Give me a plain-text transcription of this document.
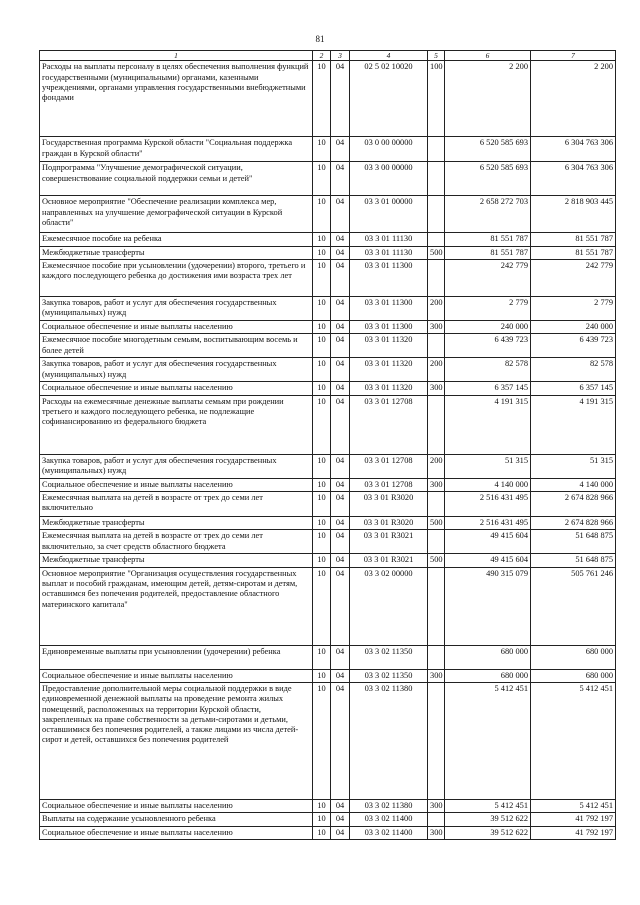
81
1	2	3	4	5	6	7
Расходы на выплаты персоналу в целях обеспечения выполнения функций государственными (муниципальными) органами, казенными учреждениями, органами управления государственными внебюджетными фондами	10	04	02 5 02 10020	100	2 200	2 200
Государственная программа Курской области "Социальная поддержка граждан в Курской области"	10	04	03 0 00 00000		6 520 585 693	6 304 763 306
Подпрограмма "Улучшение демографической ситуации, совершенствование социальной поддержки семьи и детей"	10	04	03 3 00 00000		6 520 585 693	6 304 763 306
Основное мероприятие "Обеспечение реализации комплекса мер, направленных на улучшение демографической ситуации в Курской области"	10	04	03 3 01 00000		2 658 272 703	2 818 903 445
Ежемесячное пособие на ребенка	10	04	03 3 01 11130		81 551 787	81 551 787
Межбюджетные трансферты	10	04	03 3 01 11130	500	81 551 787	81 551 787
Ежемесячное пособие при усыновлении (удочерении) второго, третьего и каждого последующего ребенка до достижения ими возраста трех лет	10	04	03 3 01 11300		242 779	242 779
Закупка товаров, работ и услуг для обеспечения государственных (муниципальных) нужд	10	04	03 3 01 11300	200	2 779	2 779
Социальное обеспечение и иные выплаты населению	10	04	03 3 01 11300	300	240 000	240 000
Ежемесячное пособие многодетным семьям, воспитывающим восемь и более детей	10	04	03 3 01 11320		6 439 723	6 439 723
Закупка товаров, работ и услуг для обеспечения государственных (муниципальных) нужд	10	04	03 3 01 11320	200	82 578	82 578
Социальное обеспечение и иные выплаты населению	10	04	03 3 01 11320	300	6 357 145	6 357 145
Расходы на ежемесячные денежные выплаты семьям при рождении третьего и каждого последующего ребенка, не подлежащие софинансированию из федерального бюджета	10	04	03 3 01 12708		4 191 315	4 191 315
Закупка товаров, работ и услуг для обеспечения государственных (муниципальных) нужд	10	04	03 3 01 12708	200	51 315	51 315
Социальное обеспечение и иные выплаты населению	10	04	03 3 01 12708	300	4 140 000	4 140 000
Ежемесячная выплата на детей в возрасте от трех до семи лет включительно	10	04	03 3 01 R3020		2 516 431 495	2 674 828 966
Межбюджетные трансферты	10	04	03 3 01 R3020	500	2 516 431 495	2 674 828 966
Ежемесячная выплата на детей в возрасте от трех до семи лет включительно, за счет средств областного бюджета	10	04	03 3 01 R3021		49 415 604	51 648 875
Межбюджетные трансферты	10	04	03 3 01 R3021	500	49 415 604	51 648 875
Основное мероприятие "Организация осуществления государственных выплат и пособий гражданам, имеющим детей, детям-сиротам и детям, оставшимся без попечения родителей, предоставление областного материнского капитала"	10	04	03 3 02 00000		490 315 079	505 761 246
Единовременные выплаты при усыновлении (удочерении) ребенка	10	04	03 3 02 11350		680 000	680 000
Социальное обеспечение и иные выплаты населению	10	04	03 3 02 11350	300	680 000	680 000
Предоставление дополнительной меры социальной поддержки в виде единовременной денежной выплаты на проведение ремонта жилых помещений, расположенных на территории Курской области, закрепленных на праве собственности за детьми-сиротами и детьми, оставшимися без попечения родителей, а также лицами из числа детей-сирот и детей, оставшихся без попечения родителей	10	04	03 3 02 11380		5 412 451	5 412 451
Социальное обеспечение и иные выплаты населению	10	04	03 3 02 11380	300	5 412 451	5 412 451
Выплаты на содержание усыновленного ребенка	10	04	03 3 02 11400		39 512 622	41 792 197
Социальное обеспечение и иные выплаты населению	10	04	03 3 02 11400	300	39 512 622	41 792 197
